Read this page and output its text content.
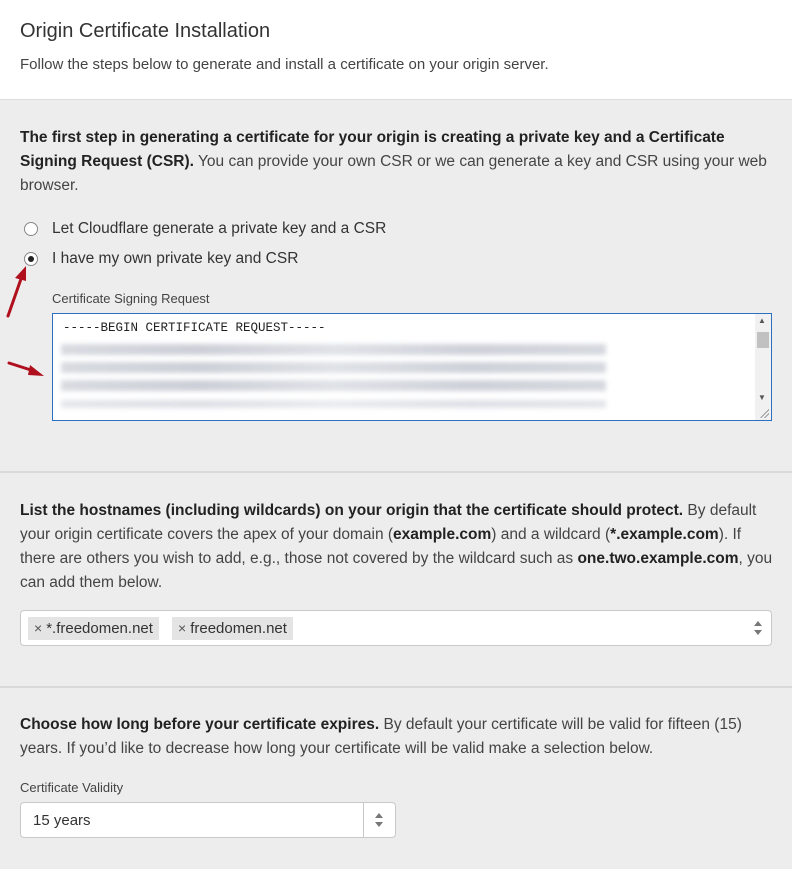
Origin Certificate Installation

Follow the steps below to generate and install a certificate on your origin server.

The first step in generating a certificate for your origin is creating a private key and a Certificate Signing Request (CSR). You can provide your own CSR or we can generate a key and CSR using your web browser.

Let Cloudflare generate a private key and a CSR
I have my own private key and CSR
Certificate Signing Request
-----BEGIN CERTIFICATE REQUEST-----
▲
▼

List the hostnames (including wildcards) on your origin that the certificate should protect. By default your origin certificate covers the apex of your domain (example.com) and a wildcard (*.example.com). If there are others you wish to add, e.g., those not covered by the wildcard such as one.two.example.com, you can add them below.

× *.freedomen.net	× freedomen.net

Choose how long before your certificate expires. By default your certificate will be valid for fifteen (15) years. If you’d like to decrease how long your certificate will be valid make a selection below.

Certificate Validity
15 years
